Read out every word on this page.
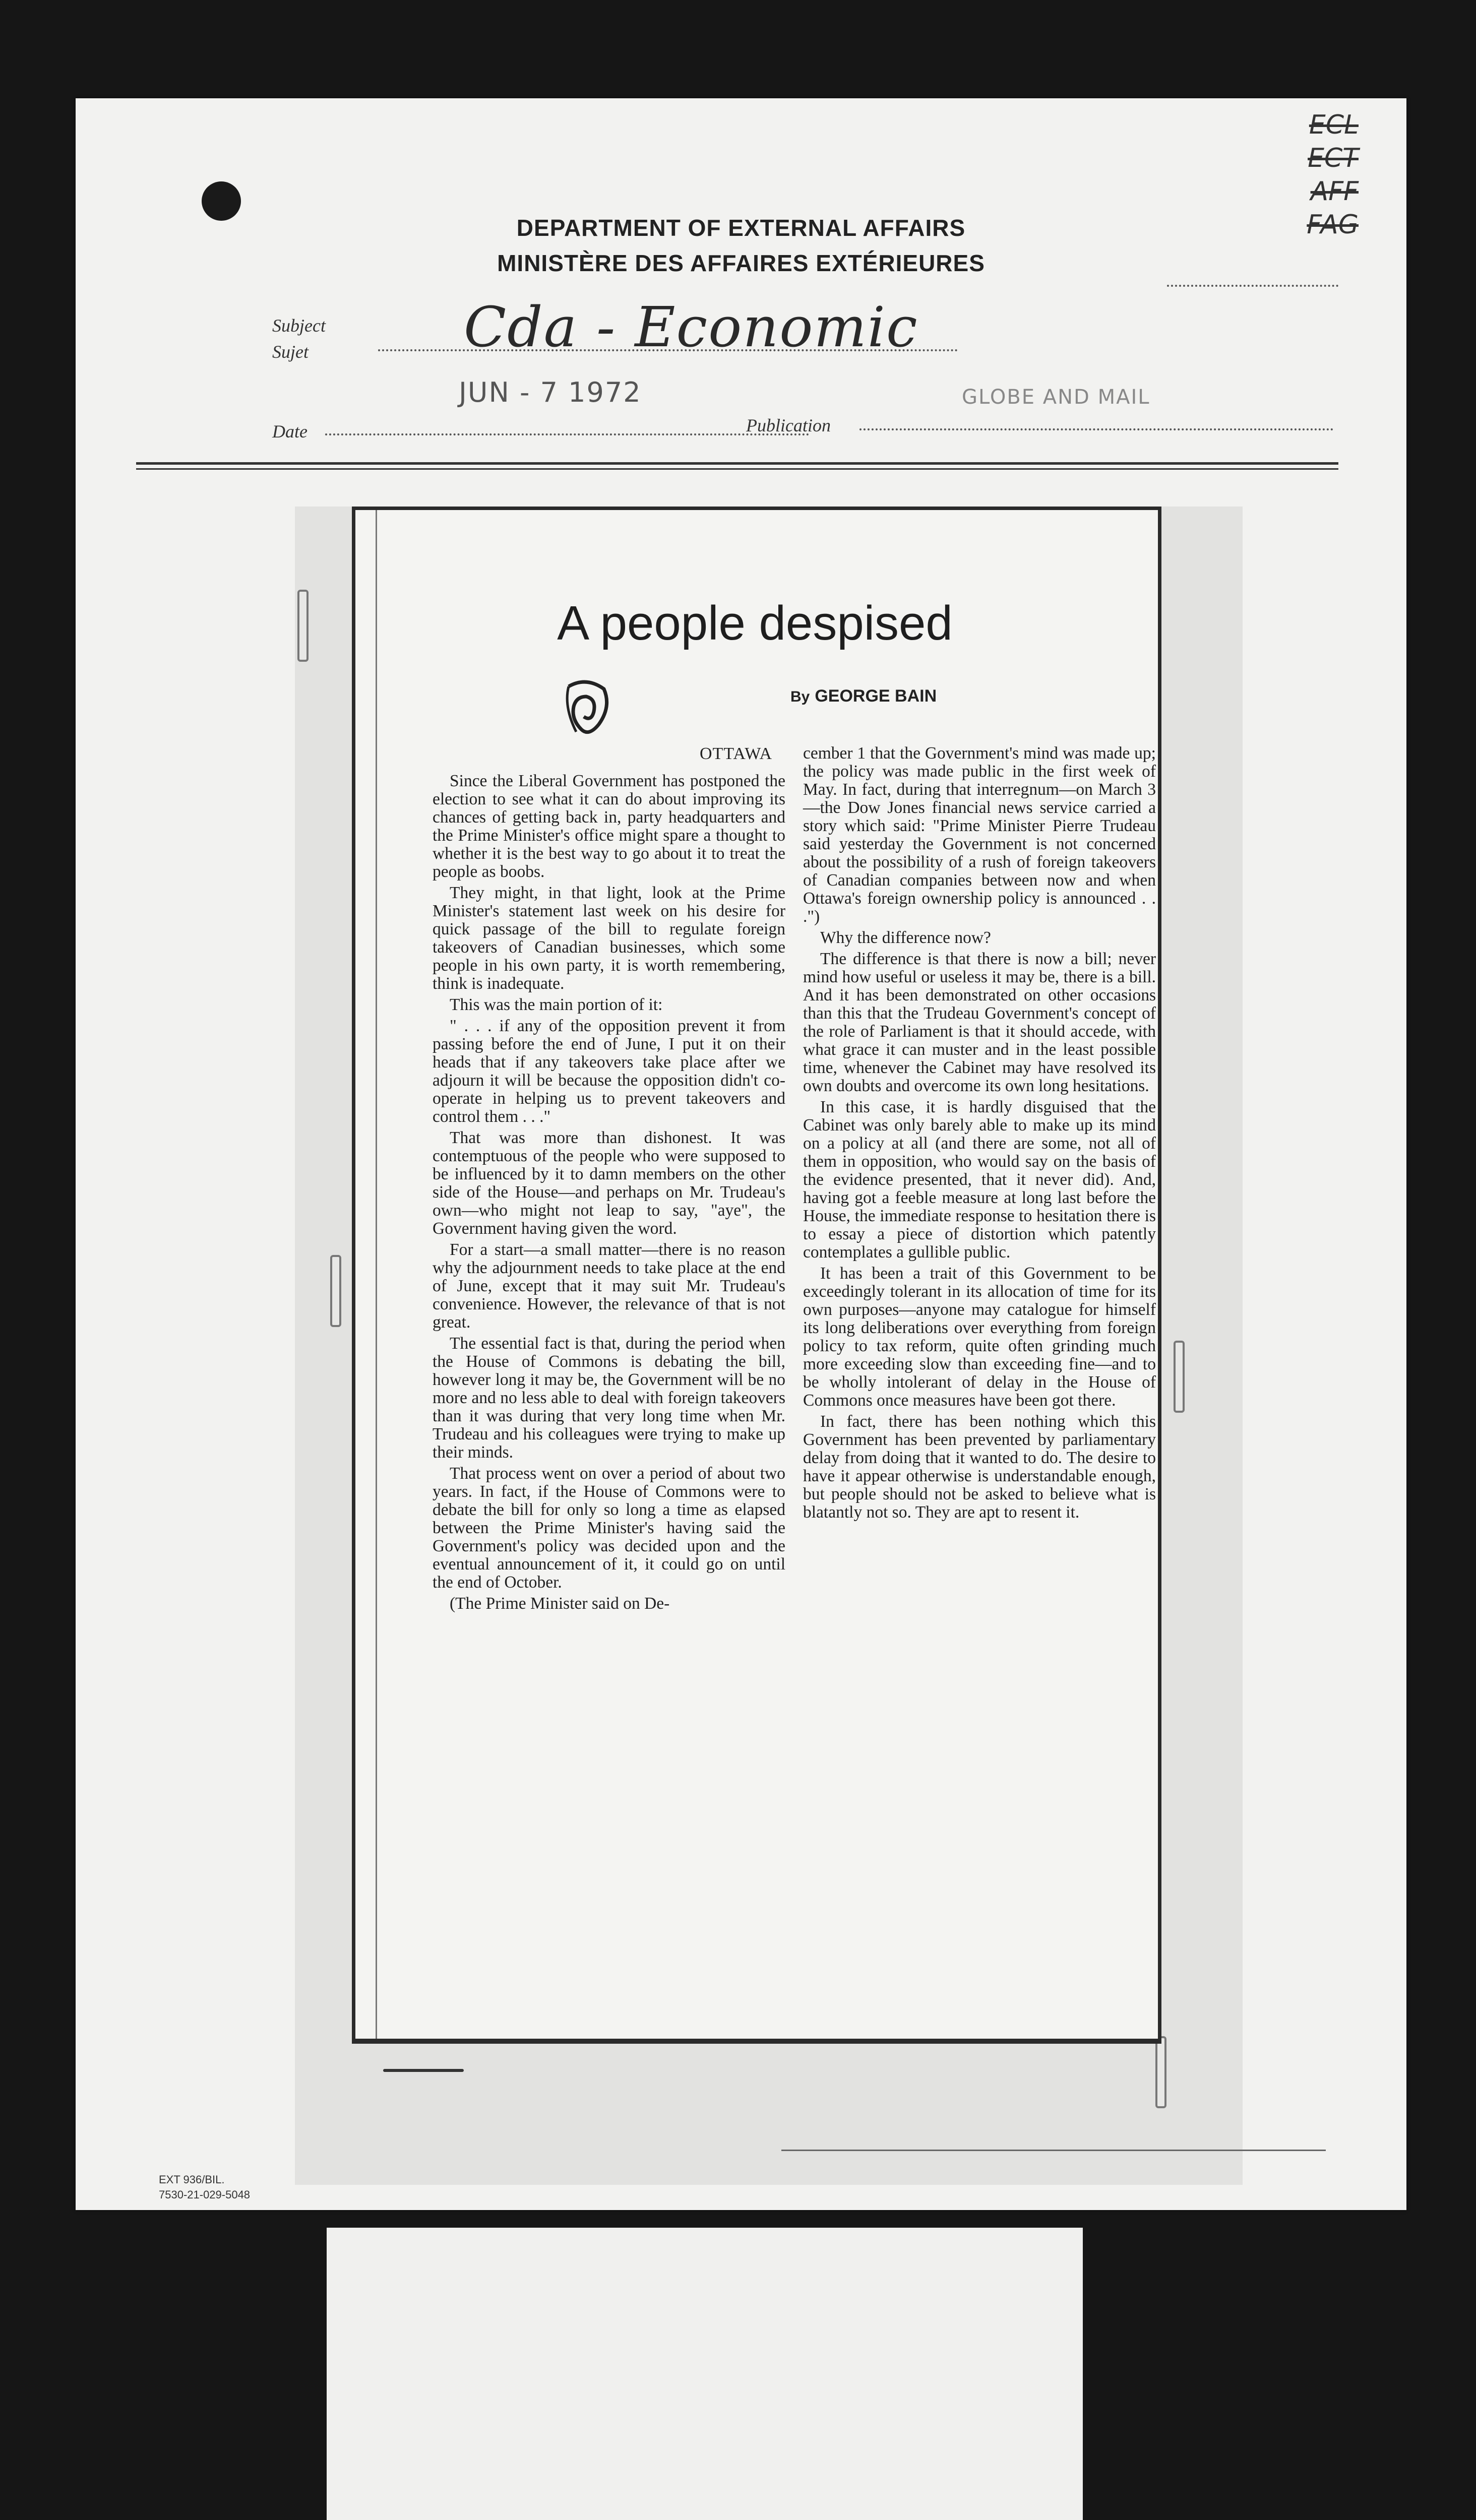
ECL
ECT
AFF
FAG
DEPARTMENT OF EXTERNAL AFFAIRS
MINISTÈRE DES AFFAIRES EXTÉRIEURES
Subject
Sujet	Cda - Economic
JUN - 7 1972	GLOBE AND MAIL
Date	Publication
A people despised
By GEORGE BAIN
OTTAWA

Since the Liberal Government has postponed the election to see what it can do about improving its chances of getting back in, party headquarters and the Prime Minister's office might spare a thought to whether it is the best way to go about it to treat the people as boobs.

They might, in that light, look at the Prime Minister's statement last week on his desire for quick passage of the bill to regulate foreign takeovers of Canadian businesses, which some people in his own party, it is worth remembering, think is inadequate.

This was the main portion of it:

" . . . if any of the opposition prevent it from passing before the end of June, I put it on their heads that if any takeovers take place after we adjourn it will be because the opposition didn't co-operate in helping us to prevent takeovers and control them . . ."

That was more than dishonest. It was contemptuous of the people who were supposed to be influenced by it to damn members on the other side of the House—and perhaps on Mr. Trudeau's own—who might not leap to say, "aye", the Government having given the word.

For a start—a small matter—there is no reason why the adjournment needs to take place at the end of June, except that it may suit Mr. Trudeau's convenience. However, the relevance of that is not great.

The essential fact is that, during the period when the House of Commons is debating the bill, however long it may be, the Government will be no more and no less able to deal with foreign takeovers than it was during that very long time when Mr. Trudeau and his colleagues were trying to make up their minds.

That process went on over a period of about two years. In fact, if the House of Commons were to debate the bill for only so long a time as elapsed between the Prime Minister's having said the Government's policy was decided upon and the eventual announcement of it, it could go on until the end of October.

(The Prime Minister said on De-

cember 1 that the Government's mind was made up; the policy was made public in the first week of May. In fact, during that interregnum—on March 3—the Dow Jones financial news service carried a story which said: "Prime Minister Pierre Trudeau said yesterday the Government is not concerned about the possibility of a rush of foreign takeovers of Canadian companies between now and when Ottawa's foreign ownership policy is announced . . .")

Why the difference now?

The difference is that there is now a bill; never mind how useful or useless it may be, there is a bill. And it has been demonstrated on other occasions than this that the Trudeau Government's concept of the role of Parliament is that it should accede, with what grace it can muster and in the least possible time, whenever the Cabinet may have resolved its own doubts and overcome its own long hesitations.

In this case, it is hardly disguised that the Cabinet was only barely able to make up its mind on a policy at all (and there are some, not all of them in opposition, who would say on the basis of the evidence presented, that it never did). And, having got a feeble measure at long last before the House, the immediate response to hesitation there is to essay a piece of distortion which patently contemplates a gullible public.

It has been a trait of this Government to be exceedingly tolerant in its allocation of time for its own purposes—anyone may catalogue for himself its long deliberations over everything from foreign policy to tax reform, quite often grinding much more exceeding slow than exceeding fine—and to be wholly intolerant of delay in the House of Commons once measures have been got there.

In fact, there has been nothing which this Government has been prevented by parliamentary delay from doing that it wanted to do. The desire to have it appear otherwise is understandable enough, but people should not be asked to believe what is blatantly not so. They are apt to resent it.

EXT 936/BIL.
7530-21-029-5048
